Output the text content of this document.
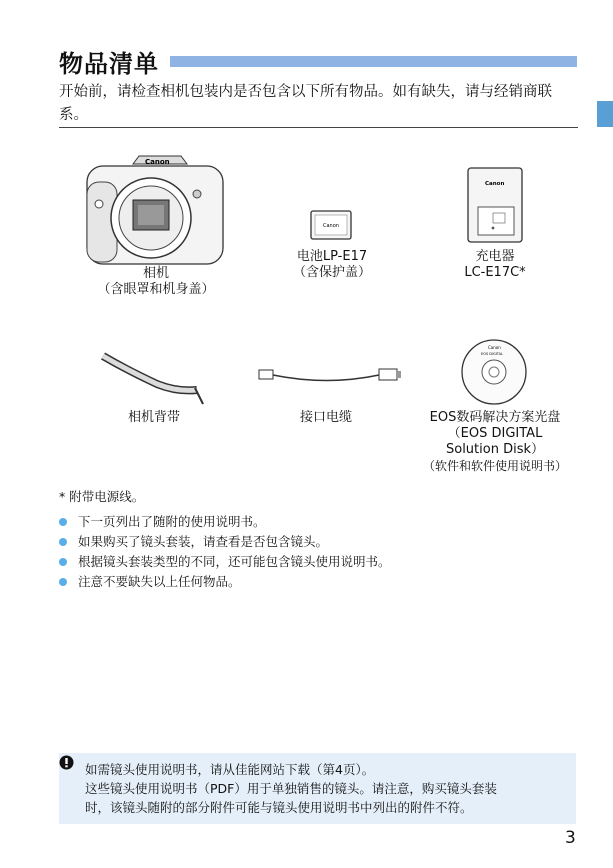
物品清单
开始前，请检查相机包装内是否包含以下所有物品。如有缺失，请与经销商联系。
Canon
相机
（含眼罩和机身盖）
Canon
电池LP-E17
（含保护盖）
Canon
充电器
LC-E17C*
相机背带	接口电缆
Canon
EOS DIGITAL
EOS数码解决方案光盘
（EOS DIGITAL
Solution Disk）
（软件和软件使用说明书）
* 附带电源线。
下一页列出了随附的使用说明书。
如果购买了镜头套装，请查看是否包含镜头。
根据镜头套装类型的不同，还可能包含镜头使用说明书。
注意不要缺失以上任何物品。
如需镜头使用说明书，请从佳能网站下载（第4页）。
这些镜头使用说明书（PDF）用于单独销售的镜头。请注意，购买镜头套装
时，该镜头随附的部分附件可能与镜头使用说明书中列出的附件不符。
3
